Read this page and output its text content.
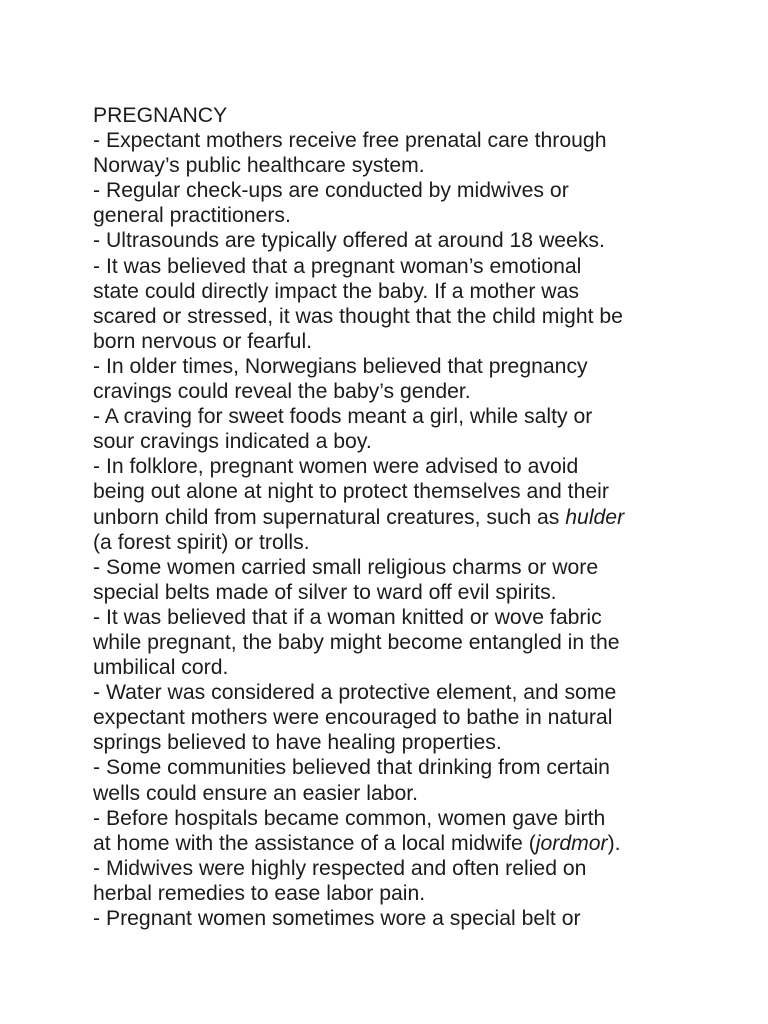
PREGNANCY
- Expectant mothers receive free prenatal care through
Norway’s public healthcare system.
- Regular check-ups are conducted by midwives or
general practitioners.
- Ultrasounds are typically offered at around 18 weeks.
- It was believed that a pregnant woman’s emotional
state could directly impact the baby. If a mother was
scared or stressed, it was thought that the child might be
born nervous or fearful.
- In older times, Norwegians believed that pregnancy
cravings could reveal the baby’s gender.
- A craving for sweet foods meant a girl, while salty or
sour cravings indicated a boy.
- In folklore, pregnant women were advised to avoid
being out alone at night to protect themselves and their
unborn child from supernatural creatures, such as hulder
(a forest spirit) or trolls.
- Some women carried small religious charms or wore
special belts made of silver to ward off evil spirits.
- It was believed that if a woman knitted or wove fabric
while pregnant, the baby might become entangled in the
umbilical cord.
- Water was considered a protective element, and some
expectant mothers were encouraged to bathe in natural
springs believed to have healing properties.
- Some communities believed that drinking from certain
wells could ensure an easier labor.
- Before hospitals became common, women gave birth
at home with the assistance of a local midwife (jordmor).
- Midwives were highly respected and often relied on
herbal remedies to ease labor pain.
- Pregnant women sometimes wore a special belt or
